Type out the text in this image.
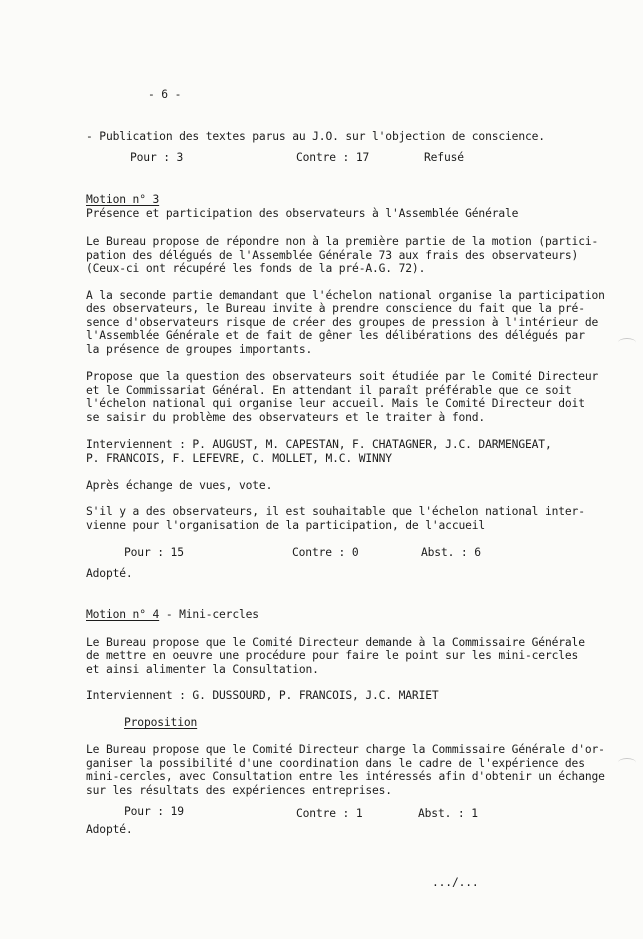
- 6 -
- Publication des textes parus au J.O. sur l'objection de conscience.
Pour : 3	Contre : 17	Refusé
Motion n° 3
Présence et participation des observateurs à l'Assemblée Générale
Le Bureau propose de répondre non à la première partie de la motion (partici-
pation des délégués de l'Assemblée Générale 73 aux frais des observateurs)
(Ceux-ci ont récupéré les fonds de la pré-A.G. 72).
A la seconde partie demandant que l'échelon national organise la participation
des observateurs, le Bureau invite à prendre conscience du fait que la pré-
sence d'observateurs risque de créer des groupes de pression à l'intérieur de
l'Assemblée Générale et de fait de gêner les délibérations des délégués par
la présence de groupes importants.
Propose que la question des observateurs soit étudiée par le Comité Directeur
et le Commissariat Général. En attendant il paraît préférable que ce soit
l'échelon national qui organise leur accueil. Mais le Comité Directeur doit
se saisir du problème des observateurs et le traiter à fond.
Interviennent : P. AUGUST, M. CAPESTAN, F. CHATAGNER, J.C. DARMENGEAT,
P. FRANCOIS, F. LEFEVRE, C. MOLLET, M.C. WINNY
Après échange de vues, vote.
S'il y a des observateurs, il est souhaitable que l'échelon national inter-
vienne pour l'organisation de la participation, de l'accueil
Pour : 15	Contre : 0	Abst. : 6
Adopté.
Motion n° 4 - Mini-cercles
Le Bureau propose que le Comité Directeur demande à la Commissaire Générale
de mettre en oeuvre une procédure pour faire le point sur les mini-cercles
et ainsi alimenter la Consultation.
Interviennent : G. DUSSOURD, P. FRANCOIS, J.C. MARIET
Proposition
Le Bureau propose que le Comité Directeur charge la Commissaire Générale d'or-
ganiser la possibilité d'une coordination dans le cadre de l'expérience des
mini-cercles, avec Consultation entre les intéressés afin d'obtenir un échange
sur les résultats des expériences entreprises.
Pour : 19	Contre : 1	Abst. : 1
Adopté.
.../...
